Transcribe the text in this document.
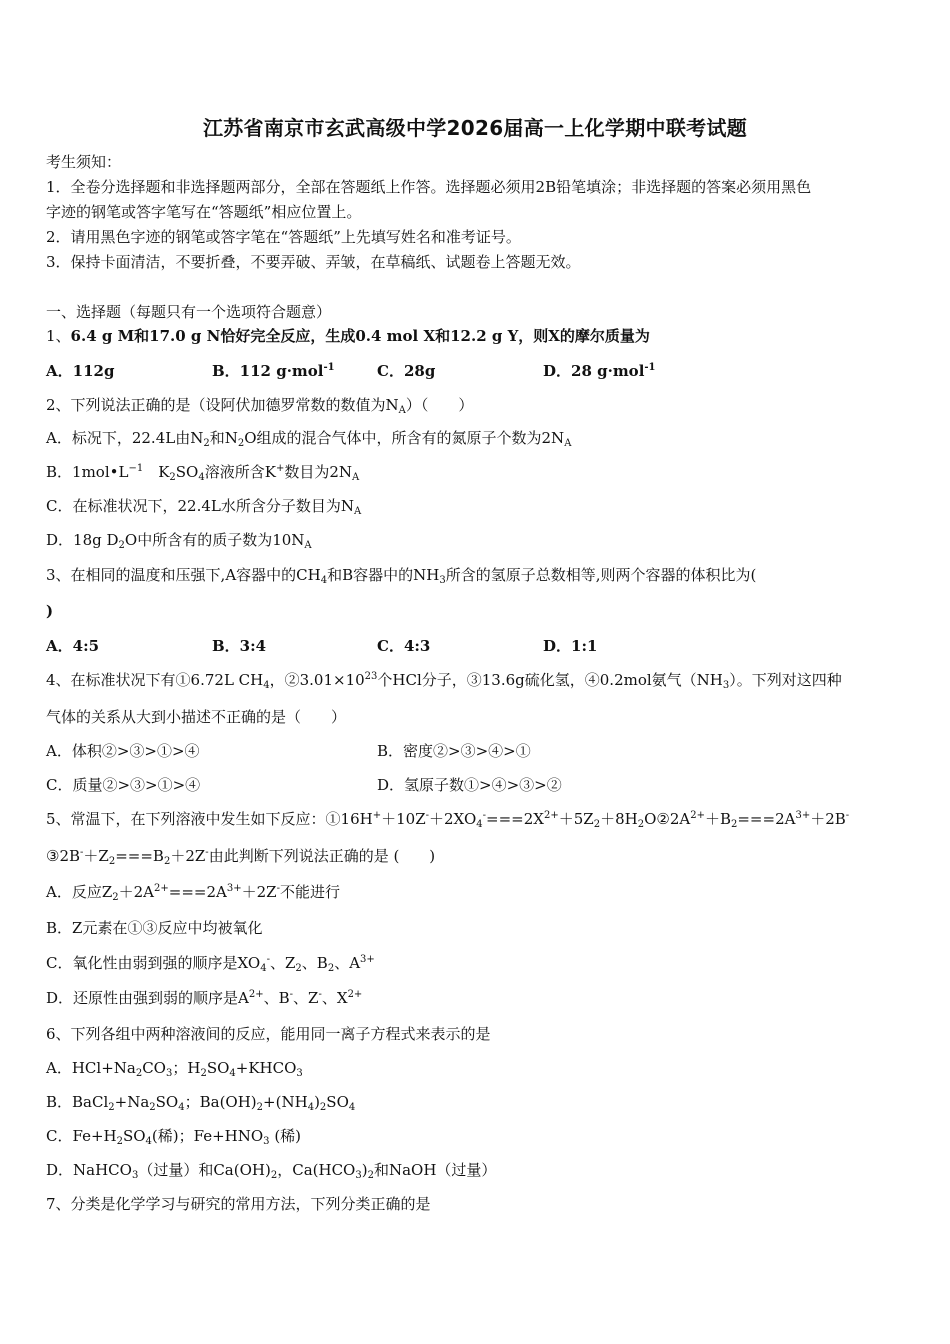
江苏省南京市玄武高级中学2026届高一上化学期中联考试题
考生须知：
1．全卷分选择题和非选择题两部分，全部在答题纸上作答。选择题必须用2B铅笔填涂；非选择题的答案必须用黑色
字迹的钢笔或答字笔写在“答题纸”相应位置上。
2．请用黑色字迹的钢笔或答字笔在“答题纸”上先填写姓名和准考证号。
3．保持卡面清洁，不要折叠，不要弄破、弄皱，在草稿纸、试题卷上答题无效。
一、选择题（每题只有一个选项符合题意）
1、6.4 g M和17.0 g N恰好完全反应，生成0.4 mol X和12.2 g Y，则X的摩尔质量为
A．112g	B．112 g·mol$^{-1}$	C．28g	D．28 g·mol$^{-1}$
2、下列说法正确的是（设阿伏加德罗常数的数值为$N_A$）（　　）
A．标况下，22.4L由$N_2$和$N_2O$组成的混合气体中，所含有的氮原子个数为$2N_A$
B．$1mol•L^{-1}$　$K_2SO_4$溶液所含K+数目为$2N_A$
C．在标准状况下，22.4L水所含分子数目为$N_A$
D．18g $D_2O$中所含有的质子数为$10N_A$
3、在相同的温度和压强下,A容器中的$CH_4$和B容器中的$NH_3$所含的氢原子总数相等,则两个容器的体积比为(
)
A．4:5	B．3:4	C．4:3	D．1:1
4、在标准状况下有①6.72L $CH_4$，$②3.01\times 10^{23}$个HCl分子，③13.6g硫化氢，④0.2mol氨气$(NH_3)$。下列对这四种
气体的关系从大到小描述不正确的是（　　）
A．体积②>③>①>④	B．密度②>③>④>①
C．质量②>③>①>④	D．氢原子数①>④>③>②
5、常温下，在下列溶液中发生如下反应：$①16H^++10Z^-+2XO_4^-===2X^{2+}+5Z_2+8H_2O②2A^{2+}+B_2===2A^{3+}+2B^-$
$③2B^-+Z_2===B_2+2Z^-$由此判断下列说法正确的是 (　　)
A．反应$Z_2+2A^{2+}===2A^{3+}+2Z^-$不能进行
B．Z元素在①③反应中均被氧化
C．氧化性由弱到强的顺序是$XO_4^-$、$Z_2$、$B_2$、$A^{3+}$
D．还原性由强到弱的顺序是$A^{2+}$、B-、Z-、$X^{2+}$
6、下列各组中两种溶液间的反应，能用同一离子方程式来表示的是
A．$HCl+Na_2CO_3$；$H_2SO_4+KHCO_3$
B．$BaCl_2+Na_2SO_4$；$Ba(OH)_2+(NH_4)_2SO_4$
C．$Fe+H_2SO_4$(稀)；$Fe+HNO_3$ (稀)
D．NaHCO$_3$（过量）和$Ca(OH)_2$，$Ca(HCO_3)_2$和NaOH（过量）
7、分类是化学学习与研究的常用方法，下列分类正确的是
